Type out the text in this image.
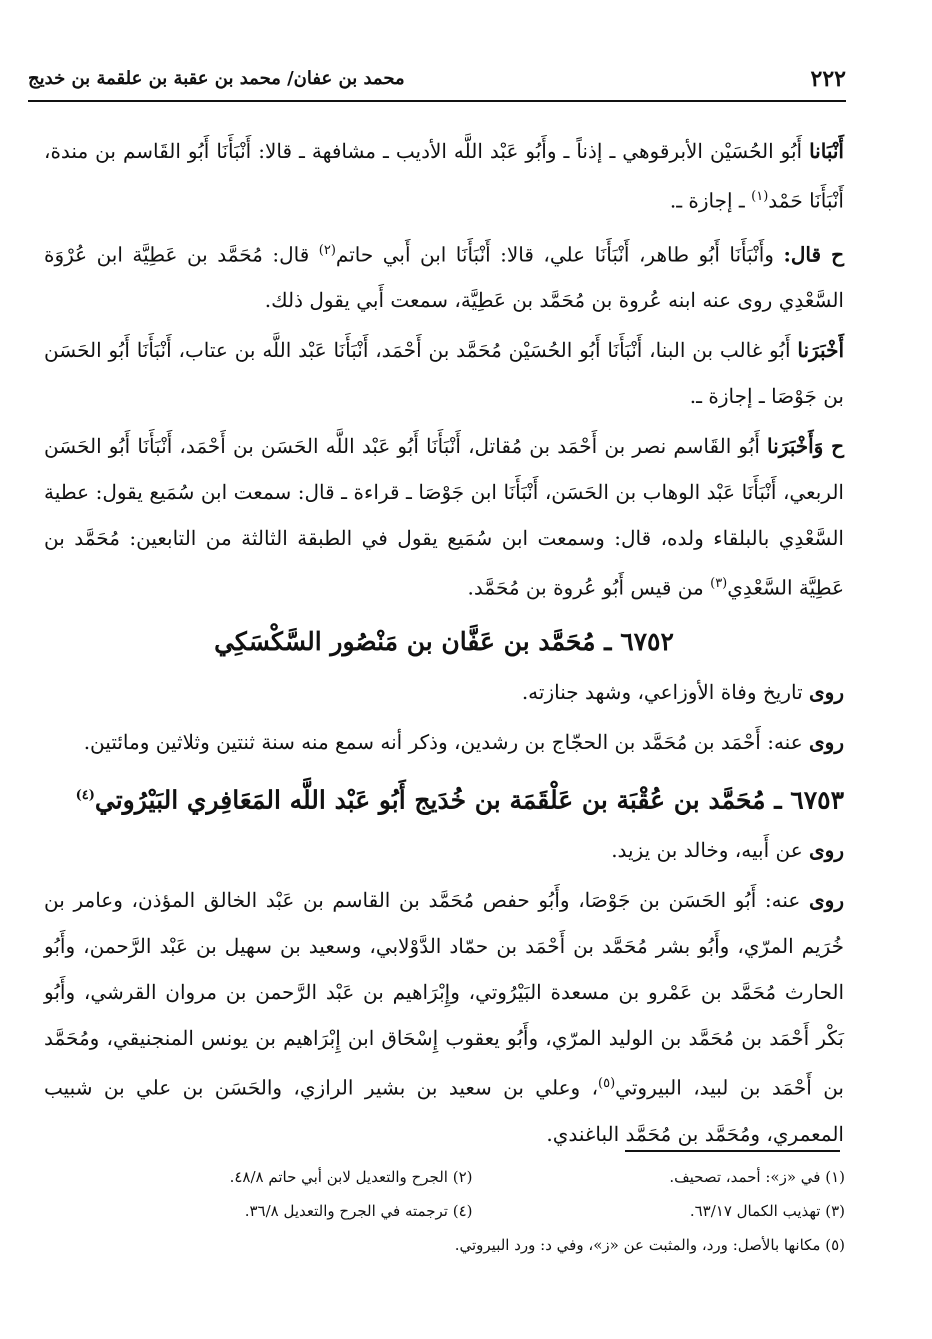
٢٢٢
محمد بن عفان/ محمد بن عقبة بن علقمة بن خديج

أَنْبَانا أَبُو الحُسَيْن الأبرقوهي ـ إذناً ـ وأَبُو عَبْد اللَّه الأديب ـ مشافهة ـ قالا: أَنْبَأَنَا أَبُو القَاسم بن مندة، أَنْبَأَنَا حَمْد$^{(١)}$ ـ إجازة ـ.

ح قال: وأَنْبَأَنَا أَبُو طاهر، أَنْبَأَنَا علي، قالا: أَنْبَأَنَا ابن أَبي حاتم$^{(٢)}$ قال: مُحَمَّد بن عَطِيَّة ابن عُرْوَة السَّعْدِي روى عنه ابنه عُروة بن مُحَمَّد بن عَطِيَّة، سمعت أَبي يقول ذلك.

أَخْبَرَنا أَبُو غالب بن البنا، أَنْبَأَنَا أَبُو الحُسَيْن مُحَمَّد بن أَحْمَد، أَنْبَأَنَا عَبْد اللَّه بن عتاب، أَنْبَأَنَا أَبُو الحَسَن بن جَوْصَا ـ إجازة ـ.

ح وَأَخْبَرَنا أَبُو القَاسم نصر بن أَحْمَد بن مُقاتل، أَنْبَأَنَا أَبُو عَبْد اللَّه الحَسَن بن أَحْمَد، أَنْبَأَنَا أَبُو الحَسَن الربعي، أَنْبَأَنَا عَبْد الوهاب بن الحَسَن، أَنْبَأَنَا ابن جَوْصَا ـ قراءة ـ قال: سمعت ابن سُمَيع يقول: عطية السَّعْدِي بالبلقاء ولده، قال: وسمعت ابن سُمَيع يقول في الطبقة الثالثة من التابعين: مُحَمَّد بن عَطِيَّة السَّعْدِي$^{(٣)}$ من قيس أَبُو عُروة بن مُحَمَّد.

٦٧٥٢ ـ مُحَمَّد بن عَفَّان بن مَنْصُور السَّكْسَكِي

روى تاريخ وفاة الأوزاعي، وشهد جنازته.

روى عنه: أَحْمَد بن مُحَمَّد بن الحجّاج بن رشدين، وذكر أنه سمع منه سنة ثنتين وثلاثين ومائتين.

٦٧٥٣ ـ مُحَمَّد بن عُقْبَة بن عَلْقَمَة بن خُدَيج أَبُو عَبْد اللَّه المَعَافِري البَيْرُوتي$^{(٤)}$

روى عن أَبيه، وخالد بن يزيد.

روى عنه: أَبُو الحَسَن بن جَوْصَا، وأَبُو حفص مُحَمَّد بن القاسم بن عَبْد الخالق المؤذن، وعامر بن خُرَيم المرّي، وأَبُو بشر مُحَمَّد بن أَحْمَد بن حمّاد الدَّوْلابي، وسعيد بن سهيل بن عَبْد الرَّحمن، وأَبُو الحارث مُحَمَّد بن عَمْرو بن مسعدة البَيْرُوتي، وإِبْرَاهيم بن عَبْد الرَّحمن بن مروان القرشي، وأَبُو بَكْر أَحْمَد بن مُحَمَّد بن الوليد المرّي، وأَبُو يعقوب إِسْحَاق ابن إِبْرَاهيم بن يونس المنجنيقي، ومُحَمَّد بن أَحْمَد بن لبيد، البيروتي$^{(٥)}$، وعلي بن سعيد بن بشير الرازي، والحَسَن بن علي بن شبيب المعمري، ومُحَمَّد بن مُحَمَّد الباغندي.

(١) في «ز»: أحمد، تصحيف.
(٢) الجرح والتعديل لابن أبي حاتم ٤٨/٨.
(٣) تهذيب الكمال ٦٣/١٧.
(٤) ترجمته في الجرح والتعديل ٣٦/٨.
(٥) مكانها بالأصل: ورد، والمثبت عن «ز»، وفي د: ورد البيروتي.
